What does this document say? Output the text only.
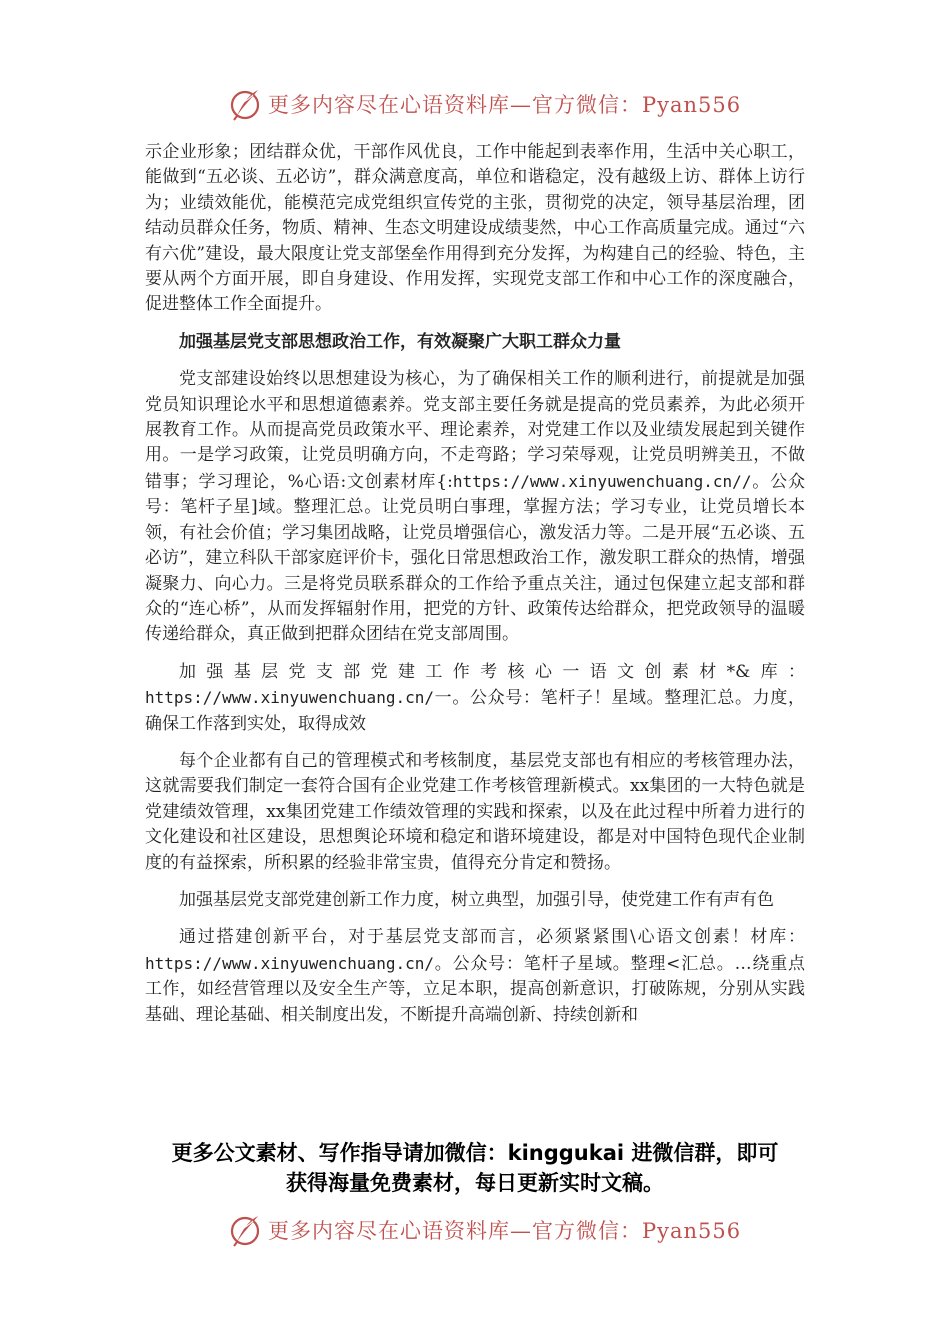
更多内容尽在心语资料库—官方微信：Pyan556

示企业形象；团结群众优，干部作风优良，工作中能起到表率作用，生活中关心职工，能做到“五必谈、五必访”，群众满意度高，单位和谐稳定，没有越级上访、群体上访行为；业绩效能优，能模范完成党组织宣传党的主张，贯彻党的决定，领导基层治理，团结动员群众任务，物质、精神、生态文明建设成绩斐然，中心工作高质量完成。通过“六有六优”建设，最大限度让党支部堡垒作用得到充分发挥，为构建自己的经验、特色，主要从两个方面开展，即自身建设、作用发挥，实现党支部工作和中心工作的深度融合，促进整体工作全面提升。

加强基层党支部思想政治工作，有效凝聚广大职工群众力量

党支部建设始终以思想建设为核心，为了确保相关工作的顺利进行，前提就是加强党员知识理论水平和思想道德素养。党支部主要任务就是提高的党员素养，为此必须开展教育工作。从而提高党员政策水平、理论素养，对党建工作以及业绩发展起到关键作用。一是学习政策，让党员明确方向，不走弯路；学习荣辱观，让党员明辨美丑，不做错事；学习理论，%心语:文创素材库{:https://www.xinyuwenchuang.cn//。公众号：笔杆子星]域。整理汇总。让党员明白事理，掌握方法；学习专业，让党员增长本领，有社会价值；学习集团战略，让党员增强信心，激发活力等。二是开展“五必谈、五必访”，建立科队干部家庭评价卡，强化日常思想政治工作，激发职工群众的热情，增强凝聚力、向心力。三是将党员联系群众的工作给予重点关注，通过包保建立起支部和群众的“连心桥”，从而发挥辐射作用，把党的方针、政策传达给群众，把党政领导的温暖传递给群众，真正做到把群众团结在党支部周围。

加强基层党支部党建工作考核心一语文创素材*&库：https://www.xinyuwenchuang.cn/一。公众号：笔杆子！星域。整理汇总。力度，确保工作落到实处，取得成效

每个企业都有自己的管理模式和考核制度，基层党支部也有相应的考核管理办法，这就需要我们制定一套符合国有企业党建工作考核管理新模式。xx集团的一大特色就是党建绩效管理，xx集团党建工作绩效管理的实践和探索，以及在此过程中所着力进行的文化建设和社区建设，思想舆论环境和稳定和谐环境建设，都是对中国特色现代企业制度的有益探索，所积累的经验非常宝贵，值得充分肯定和赞扬。

加强基层党支部党建创新工作力度，树立典型，加强引导，使党建工作有声有色

通过搭建创新平台，对于基层党支部而言，必须紧紧围\心语文创素！材库：https://www.xinyuwenchuang.cn/。公众号：笔杆子星域。整理<汇总。…绕重点工作，如经营管理以及安全生产等，立足本职，提高创新意识，打破陈规，分别从实践基础、理论基础、相关制度出发，不断提升高端创新、持续创新和

更多公文素材、写作指导请加微信：kinggukai 进微信群，即可
获得海量免费素材，每日更新实时文稿。
更多内容尽在心语资料库—官方微信：Pyan556
